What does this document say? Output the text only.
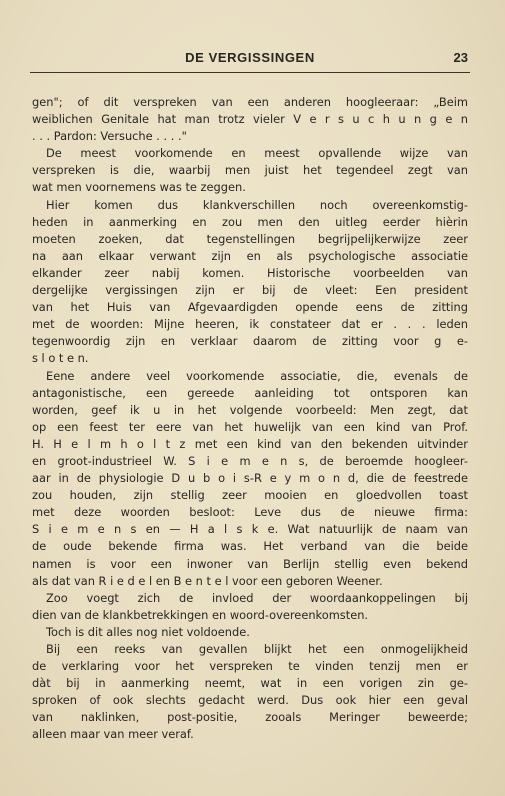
DE VERGISSINGEN	23
gen"; of dit verspreken van een anderen hoogleeraar: „Beim
weiblichen Genitale hat man trotz vieler V e r s u c h u n g e n
. . . Pardon: Versuche . . . ."
De meest voorkomende en meest opvallende wijze van
verspreken is die, waarbij men juist het tegendeel zegt van
wat men voornemens was te zeggen.
Hier komen dus klankverschillen noch overeenkomstig-
heden in aanmerking en zou men den uitleg eerder hièrin
moeten zoeken, dat tegenstellingen begrijpelijkerwijze zeer
na aan elkaar verwant zijn en als psychologische associatie
elkander zeer nabij komen. Historische voorbeelden van
dergelijke vergissingen zijn er bij de vleet: Een president
van het Huis van Afgevaardigden opende eens de zitting
met de woorden: Mijne heeren, ik constateer dat er . . . leden
tegenwoordig zijn en verklaar daarom de zitting voor g e-
s l o t e n.
Eene andere veel voorkomende associatie, die, evenals de
antagonistische, een gereede aanleiding tot ontsporen kan
worden, geef ik u in het volgende voorbeeld: Men zegt, dat
op een feest ter eere van het huwelijk van een kind van Prof.
H. H e l m h o l t z met een kind van den bekenden uitvinder
en groot-industrieel W. S i e m e n s, de beroemde hoogleer-
aar in de physiologie D u b o i s-R e y m o n d, die de feestrede
zou houden, zijn stellig zeer mooien en gloedvollen toast
met deze woorden besloot: Leve dus de nieuwe firma:
S i e m e n s en — H a l s k e. Wat natuurlijk de naam van
de oude bekende firma was. Het verband van die beide
namen is voor een inwoner van Berlijn stellig even bekend
als dat van R i e d e l en B e n t e l voor een geboren Weener.
Zoo voegt zich de invloed der woordaankoppelingen bij
dien van de klankbetrekkingen en woord-overeenkomsten.
Toch is dit alles nog niet voldoende.
Bij een reeks van gevallen blijkt het een onmogelijkheid
de verklaring voor het verspreken te vinden tenzij men er
dàt bij in aanmerking neemt, wat in een vorigen zin ge-
sproken of ook slechts gedacht werd. Dus ook hier een geval
van naklinken, post-positie, zooals Meringer beweerde;
alleen maar van meer veraf.
